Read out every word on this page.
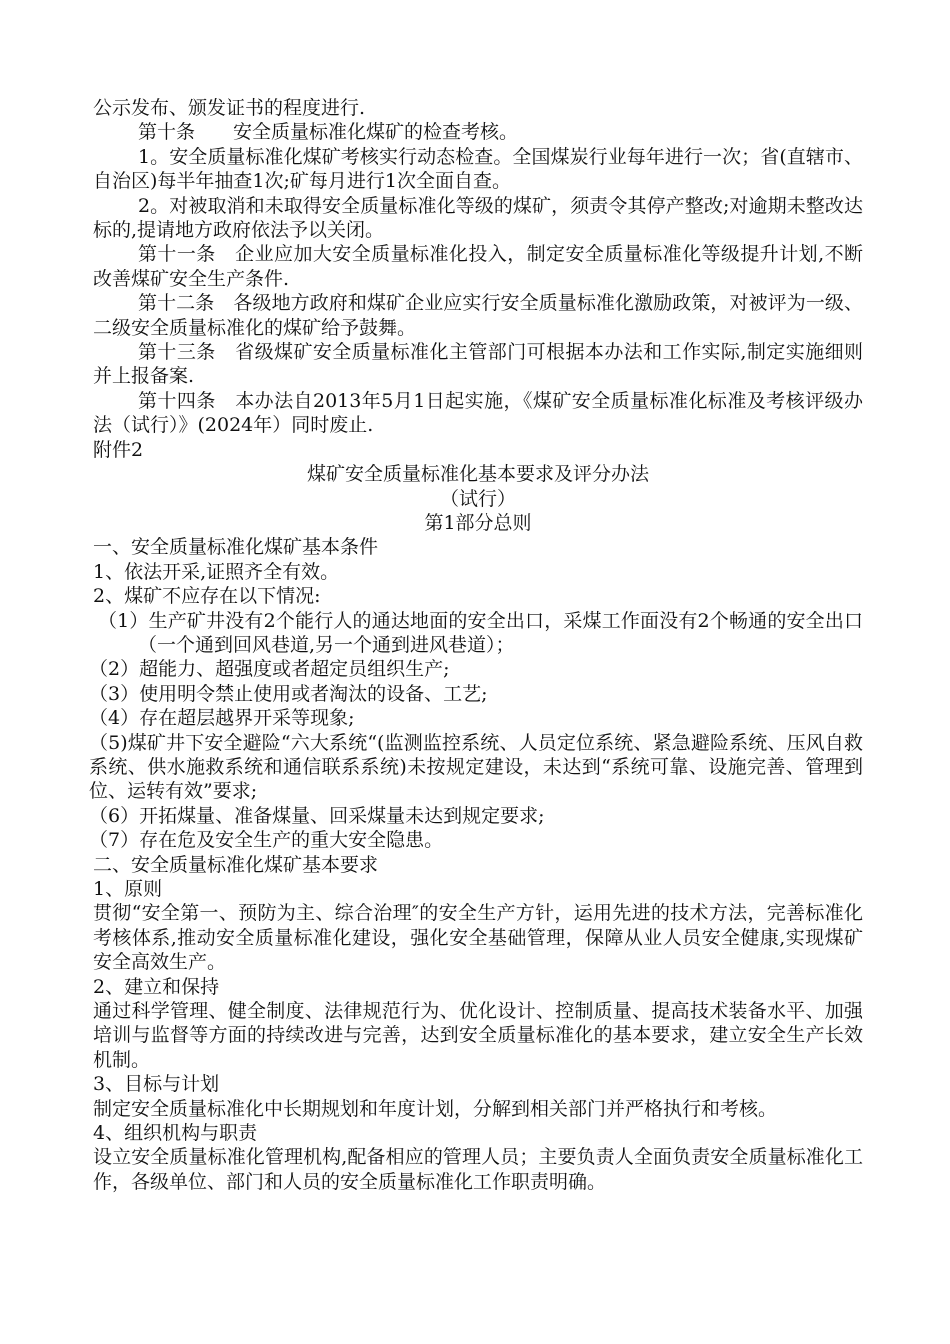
公示发布、颁发证书的程度进行.

第十条　　安全质量标准化煤矿的检查考核。

1。安全质量标准化煤矿考核实行动态检查。全国煤炭行业每年进行一次；省(直辖市、自治区)每半年抽查1次;矿每月进行1次全面自查。

2。对被取消和未取得安全质量标准化等级的煤矿，须责令其停产整改;对逾期未整改达标的,提请地方政府依法予以关闭。

第十一条　企业应加大安全质量标准化投入，制定安全质量标准化等级提升计划,不断改善煤矿安全生产条件.

第十二条　各级地方政府和煤矿企业应实行安全质量标准化激励政策，对被评为一级、二级安全质量标准化的煤矿给予鼓舞。

第十三条　省级煤矿安全质量标准化主管部门可根据本办法和工作实际,制定实施细则并上报备案.

第十四条　本办法自2013年5月1日起实施，《煤矿安全质量标准化标准及考核评级办法（试行）》(2024年）同时废止.

附件2

煤矿安全质量标准化基本要求及评分办法

（试行）

第1部分总则

一、安全质量标准化煤矿基本条件

1、依法开采,证照齐全有效。

2、煤矿不应存在以下情况:

（1）生产矿井没有2个能行人的通达地面的安全出口，采煤工作面没有2个畅通的安全出口（一个通到回风巷道,另一个通到进风巷道）；

（2）超能力、超强度或者超定员组织生产;

（3）使用明令禁止使用或者淘汰的设备、工艺;

（4）存在超层越界开采等现象;

（5)煤矿井下安全避险“六大系统“(监测监控系统、人员定位系统、紧急避险系统、压风自救系统、供水施救系统和通信联系系统)未按规定建设，未达到“系统可靠、设施完善、管理到位、运转有效”要求;

（6）开拓煤量、准备煤量、回采煤量未达到规定要求;

（7）存在危及安全生产的重大安全隐患。

二、安全质量标准化煤矿基本要求

1、原则

贯彻“安全第一、预防为主、综合治理″的安全生产方针，运用先进的技术方法，完善标准化考核体系,推动安全质量标准化建设，强化安全基础管理，保障从业人员安全健康,实现煤矿安全高效生产。

2、建立和保持

通过科学管理、健全制度、法律规范行为、优化设计、控制质量、提高技术装备水平、加强培训与监督等方面的持续改进与完善，达到安全质量标准化的基本要求，建立安全生产长效机制。

3、目标与计划

制定安全质量标准化中长期规划和年度计划，分解到相关部门并严格执行和考核。

4、组织机构与职责

设立安全质量标准化管理机构,配备相应的管理人员；主要负责人全面负责安全质量标准化工作，各级单位、部门和人员的安全质量标准化工作职责明确。
